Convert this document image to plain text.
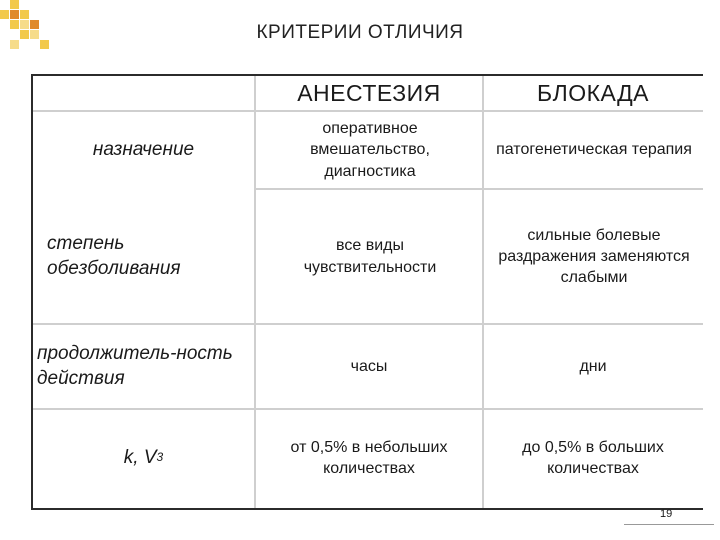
КРИТЕРИИ ОТЛИЧИЯ
АНЕСТЕЗИЯ	БЛОКАДА
назначение
оперативное вмешательство, диагностика
патогенетическая терапия
степень обезболивания
все виды чувствительности
сильные болевые раздражения заменяются слабыми
продолжитель-ность действия
часы	дни
k, V 3
от 0,5% в небольших количествах
до 0,5% в больших количествах
19
